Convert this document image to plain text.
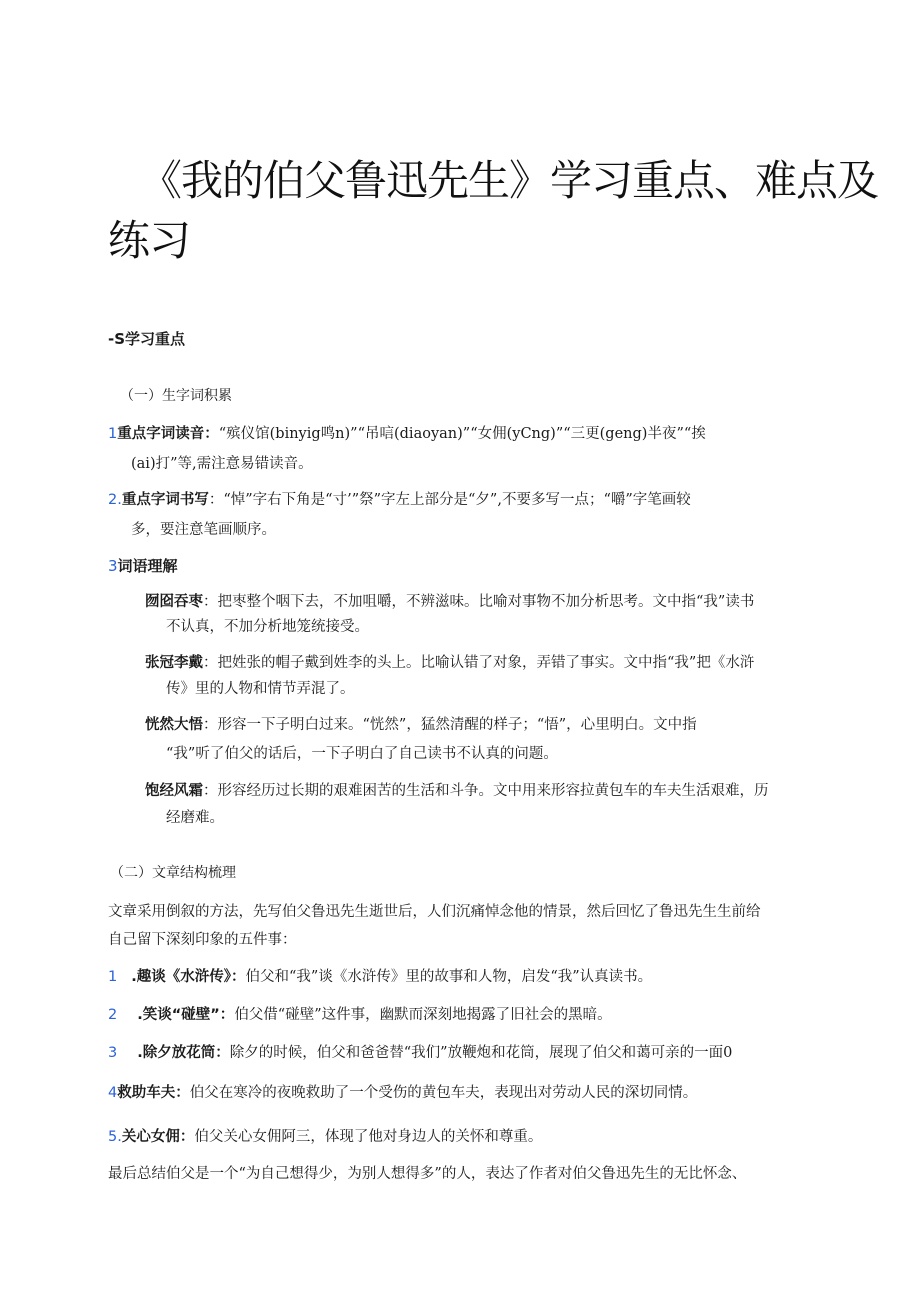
《我的伯父鲁迅先生》学习重点、难点及
练习
-S学习重点
（一）生字词积累
1重点字词读音：“殡仪馆(binyig鸣n)”“吊唁(diaoyan)”“女佣(yCng)”“三更(geng)半夜”“挨
(ai)打”等,需注意易错读音。
2.重点字词书写：“悼”字右下角是“寸’”祭”字左上部分是“夕”,不要多写一点；“嚼”字笔画较
多，要注意笔画顺序。
3词语理解
囫囵吞枣：把枣整个咽下去，不加咀嚼，不辨滋味。比喻对事物不加分析思考。文中指“我”读书
不认真，不加分析地笼统接受。
张冠李戴：把姓张的帽子戴到姓李的头上。比喻认错了对象，弄错了事实。文中指“我”把《水浒
传》里的人物和情节弄混了。
恍然大悟：形容一下子明白过来。“恍然”，猛然清醒的样子；“悟”，心里明白。文中指
“我”听了伯父的话后，一下子明白了自己读书不认真的问题。
饱经风霜：形容经历过长期的艰难困苦的生活和斗争。文中用来形容拉黄包车的车夫生活艰难，历
经磨难。
（二）文章结构梳理
文章采用倒叙的方法，先写伯父鲁迅先生逝世后，人们沉痛悼念他的情景，然后回忆了鲁迅先生生前给
自己留下深刻印象的五件事：
1 .趣谈《水浒传》：伯父和“我”谈《水浒传》里的故事和人物，启发“我”认真读书。
2 .笑谈“碰壁”：伯父借“碰壁”这件事，幽默而深刻地揭露了旧社会的黑暗。
3 .除夕放花筒：除夕的时候，伯父和爸爸替“我们”放鞭炮和花筒，展现了伯父和蔼可亲的一面0
4救助车夫：伯父在寒冷的夜晚救助了一个受伤的黄包车夫，表现出对劳动人民的深切同情。
5.关心女佣：伯父关心女佣阿三，体现了他对身边人的关怀和尊重。
最后总结伯父是一个“为自己想得少，为别人想得多”的人，表达了作者对伯父鲁迅先生的无比怀念、
